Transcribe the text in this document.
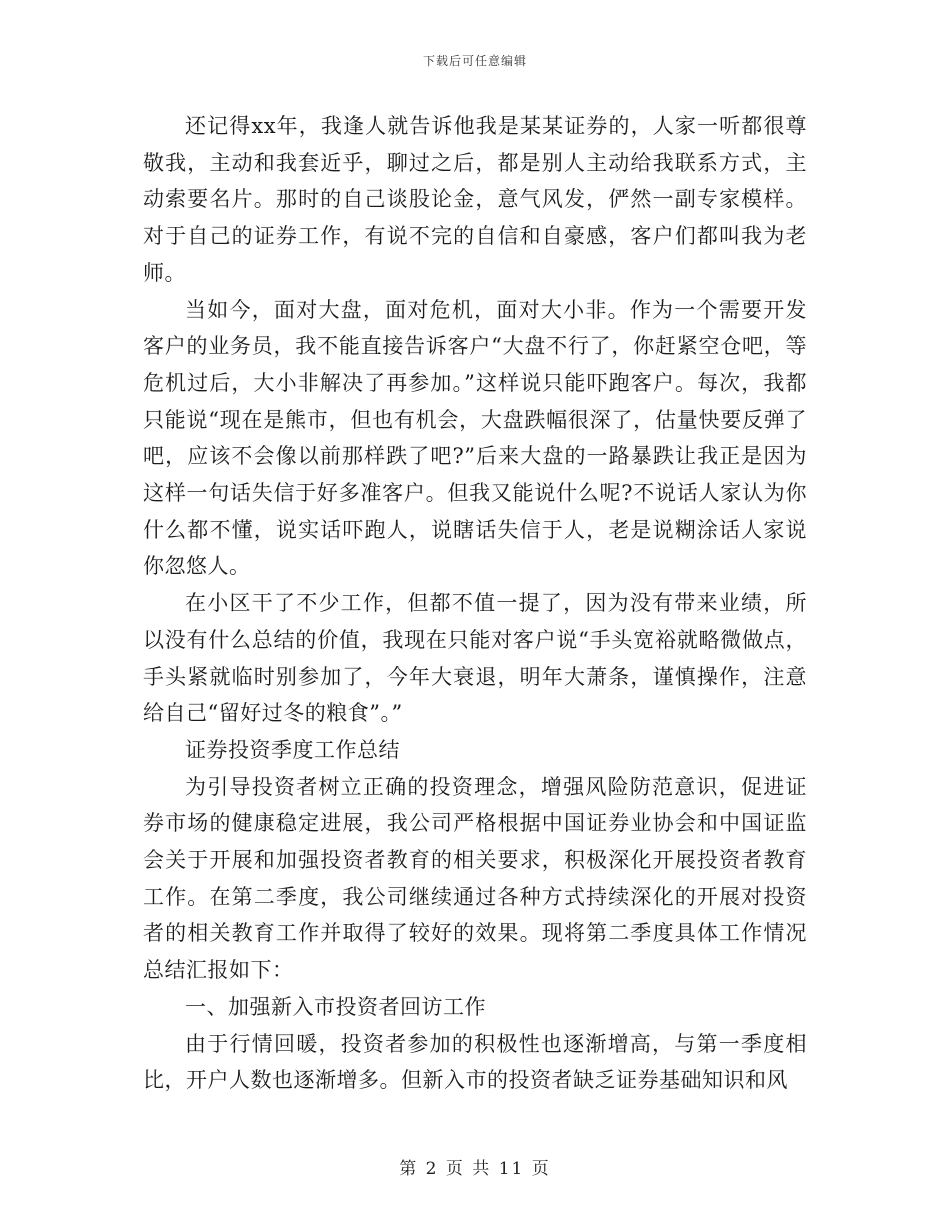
下载后可任意编辑

还记得xx年，我逢人就告诉他我是某某证券的，人家一听都很尊敬我，主动和我套近乎，聊过之后，都是别人主动给我联系方式，主动索要名片。那时的自己谈股论金，意气风发，俨然一副专家模样。对于自己的证券工作，有说不完的自信和自豪感，客户们都叫我为老师。

当如今，面对大盘，面对危机，面对大小非。作为一个需要开发客户的业务员，我不能直接告诉客户“大盘不行了，你赶紧空仓吧，等危机过后，大小非解决了再参加。”这样说只能吓跑客户。每次，我都只能说“现在是熊市，但也有机会，大盘跌幅很深了，估量快要反弹了吧，应该不会像以前那样跌了吧?”后来大盘的一路暴跌让我正是因为这样一句话失信于好多准客户。但我又能说什么呢?不说话人家认为你什么都不懂，说实话吓跑人，说瞎话失信于人，老是说糊涂话人家说你忽悠人。

在小区干了不少工作，但都不值一提了，因为没有带来业绩，所以没有什么总结的价值，我现在只能对客户说“手头宽裕就略微做点，手头紧就临时别参加了，今年大衰退，明年大萧条，谨慎操作，注意给自己“留好过冬的粮食”。”

证券投资季度工作总结

为引导投资者树立正确的投资理念，增强风险防范意识，促进证券市场的健康稳定进展，我公司严格根据中国证券业协会和中国证监会关于开展和加强投资者教育的相关要求，积极深化开展投资者教育工作。在第二季度，我公司继续通过各种方式持续深化的开展对投资者的相关教育工作并取得了较好的效果。现将第二季度具体工作情况总结汇报如下：

一、加强新入市投资者回访工作

由于行情回暖，投资者参加的积极性也逐渐增高，与第一季度相比，开户人数也逐渐增多。但新入市的投资者缺乏证券基础知识和风

第 2 页 共 11 页
